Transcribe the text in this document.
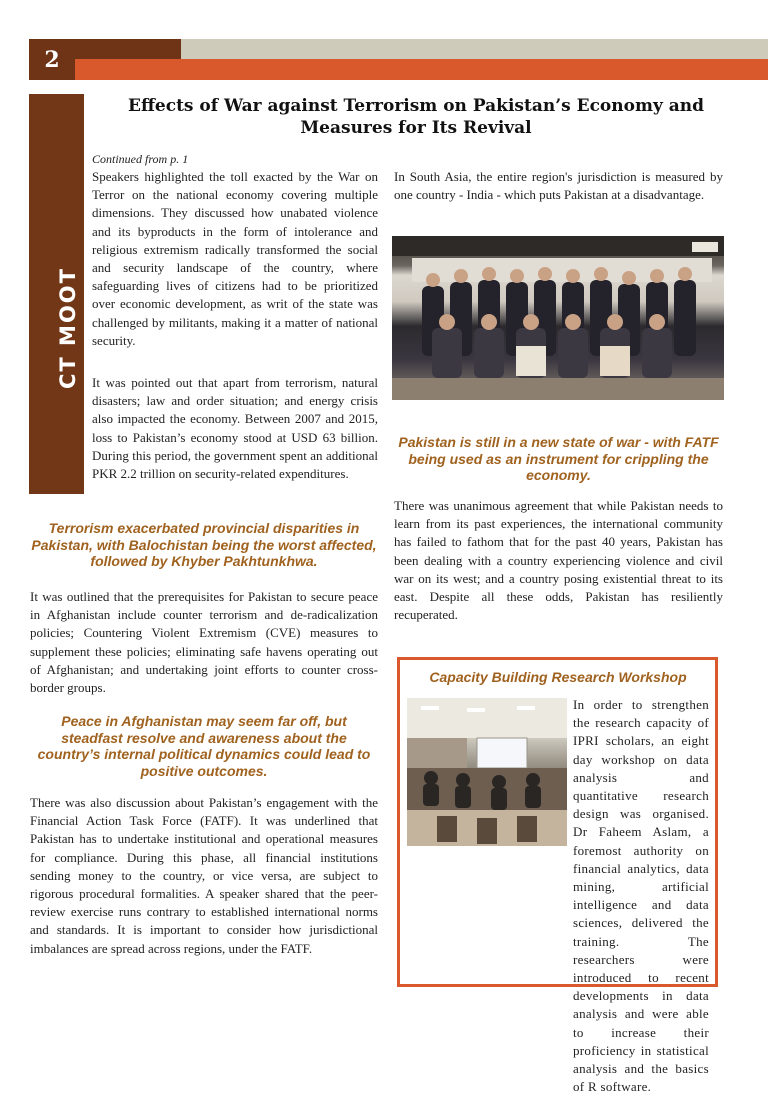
2
CT MOOT
Effects of War against Terrorism on Pakistan’s Economy and Measures for Its Revival
Continued from p. 1

Speakers highlighted the toll exacted by the War on Terror on the national economy covering multiple dimensions. They discussed how unabated violence and its byproducts in the form of intolerance and religious extremism radically transformed the social and security landscape of the country, where safeguarding lives of citizens had to be prioritized over economic development, as writ of the state was challenged by militants, making it a matter of national security.

It was pointed out that apart from terrorism, natural disasters; law and order situation; and energy crisis also impacted the economy. Between 2007 and 2015, loss to Pakistan’s economy stood at USD 63 billion. During this period, the government spent an additional PKR 2.2 trillion on security-related expenditures.

Terrorism exacerbated provincial disparities in Pakistan, with Balochistan being the worst affected, followed by Khyber Pakhtunkhwa.

It was outlined that the prerequisites for Pakistan to secure peace in Afghanistan include counter terrorism and de-radicalization policies; Countering Violent Extremism (CVE) measures to supplement these policies; eliminating safe havens operating out of Afghanistan; and undertaking joint efforts to counter cross-border groups.

Peace in Afghanistan may seem far off, but steadfast resolve and awareness about the country’s internal political dynamics could lead to positive outcomes.

There was also discussion about Pakistan’s engagement with the Financial Action Task Force (FATF). It was underlined that Pakistan has to undertake institutional and operational measures for compliance. During this phase, all financial institutions sending money to the country, or vice versa, are subject to rigorous procedural formalities. A speaker shared that the peer-review exercise runs contrary to established international norms and standards. It is important to consider how jurisdictional imbalances are spread across regions, under the FATF.

In South Asia, the entire region's jurisdiction is measured by one country - India - which puts Pakistan at a disadvantage.

Pakistan is still in a new state of war - with FATF being used as an instrument for crippling the economy.

There was unanimous agreement that while Pakistan needs to learn from its past experiences, the international community has failed to fathom that for the past 40 years, Pakistan has been dealing with a country experiencing violence and civil war on its west; and a country posing existential threat to its east. Despite all these odds, Pakistan has resiliently recuperated.

Capacity Building Research Workshop

In order to strengthen the research capacity of IPRI scholars, an eight day workshop on data analysis and quantitative research design was organised. Dr Faheem Aslam, a foremost authority on financial analytics, data mining, artificial intelligence and data sciences, delivered the training. The researchers were introduced to recent developments in data analysis and were able to increase their proficiency in statistical analysis and the basics of R software.
